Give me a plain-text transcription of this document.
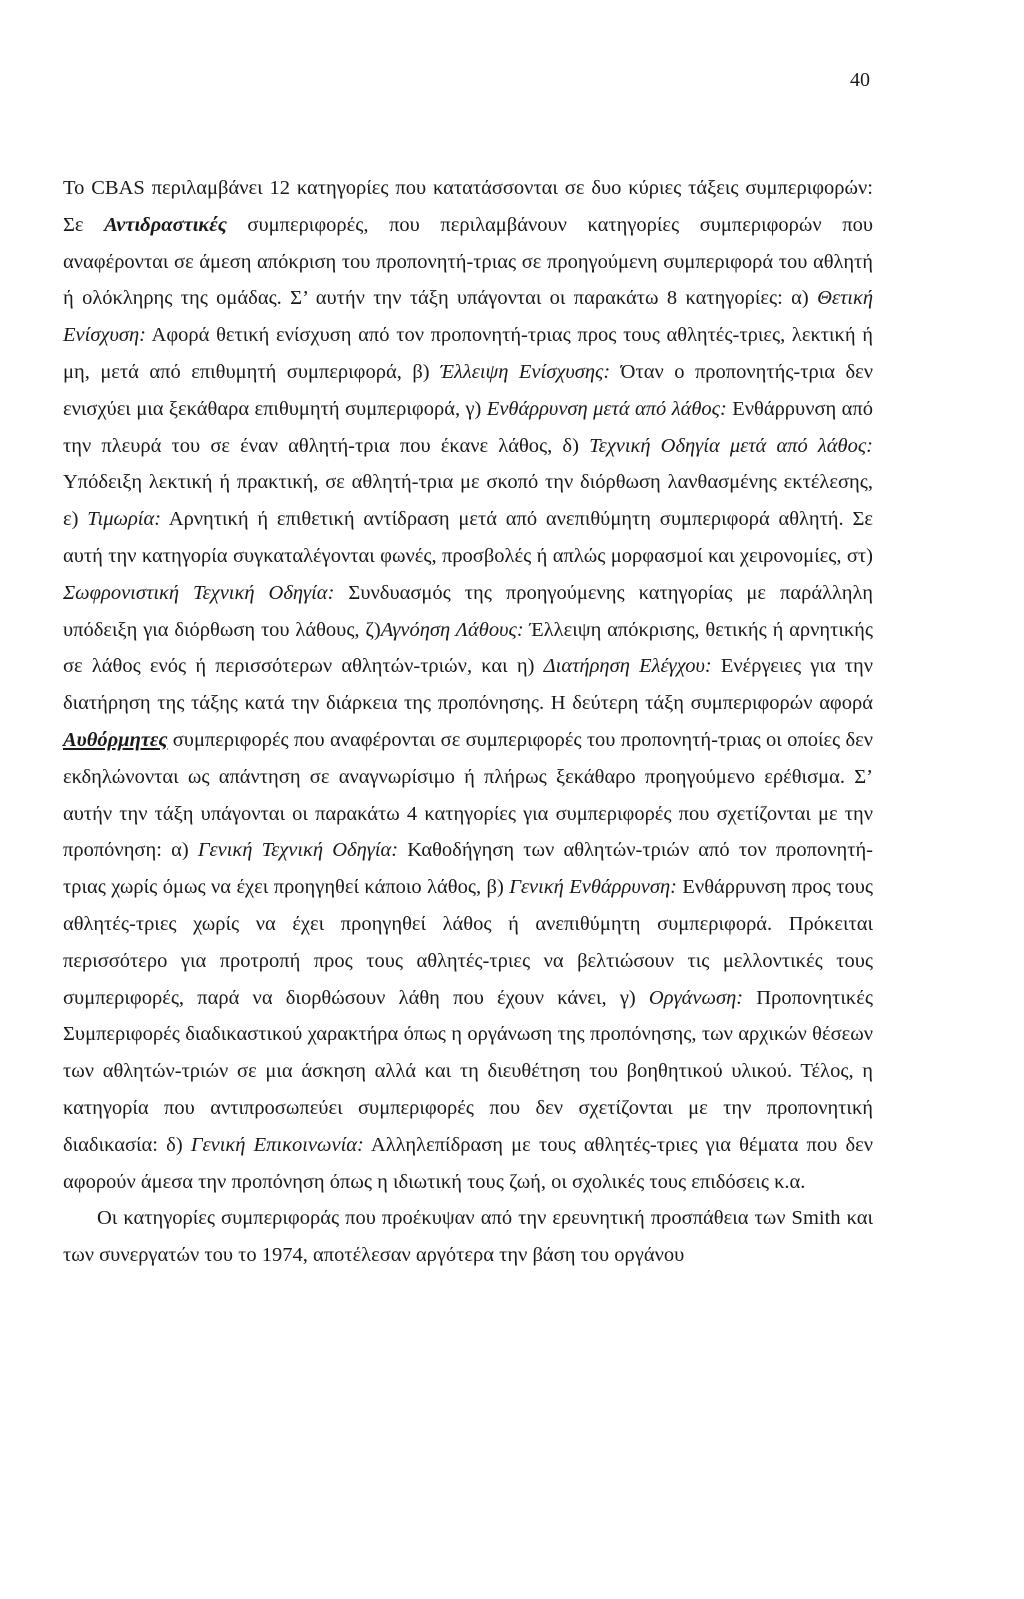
40

Το CBAS περιλαμβάνει 12 κατηγορίες που κατατάσσονται σε δυο κύριες τάξεις συμπεριφορών: Σε Αντιδραστικές συμπεριφορές, που περιλαμβάνουν κατηγορίες συμπεριφορών που αναφέρονται σε άμεση απόκριση του προπονητή-τριας σε προηγούμενη συμπεριφορά του αθλητή ή ολόκληρης της ομάδας. Σ’ αυτήν την τάξη υπάγονται οι παρακάτω 8 κατηγορίες: α) Θετική Ενίσχυση: Αφορά θετική ενίσχυση από τον προπονητή-τριας προς τους αθλητές-τριες, λεκτική ή μη, μετά από επιθυμητή συμπεριφορά, β) Έλλειψη Ενίσχυσης: Όταν ο προπονητής-τρια δεν ενισχύει μια ξεκάθαρα επιθυμητή συμπεριφορά, γ) Ενθάρρυνση μετά από λάθος: Ενθάρρυνση από την πλευρά του σε έναν αθλητή-τρια που έκανε λάθος, δ) Τεχνική Οδηγία μετά από λάθος: Υπόδειξη λεκτική ή πρακτική, σε αθλητή-τρια με σκοπό την διόρθωση λανθασμένης εκτέλεσης, ε) Τιμωρία: Αρνητική ή επιθετική αντίδραση μετά από ανεπιθύμητη συμπεριφορά αθλητή. Σε αυτή την κατηγορία συγκαταλέγονται φωνές, προσβολές ή απλώς μορφασμοί και χειρονομίες, στ) Σωφρονιστική Τεχνική Οδηγία: Συνδυασμός της προηγούμενης κατηγορίας με παράλληλη υπόδειξη για διόρθωση του λάθους, ζ)Αγνόηση Λάθους: Έλλειψη απόκρισης, θετικής ή αρνητικής σε λάθος ενός ή περισσότερων αθλητών-τριών, και η) Διατήρηση Ελέγχου: Ενέργειες για την διατήρηση της τάξης κατά την διάρκεια της προπόνησης. Η δεύτερη τάξη συμπεριφορών αφορά Αυθόρμητες συμπεριφορές που αναφέρονται σε συμπεριφορές του προπονητή-τριας οι οποίες δεν εκδηλώνονται ως απάντηση σε αναγνωρίσιμο ή πλήρως ξεκάθαρο προηγούμενο ερέθισμα. Σ’ αυτήν την τάξη υπάγονται οι παρακάτω 4 κατηγορίες για συμπεριφορές που σχετίζονται με την προπόνηση: α) Γενική Τεχνική Οδηγία: Καθοδήγηση των αθλητών-τριών από τον προπονητή-τριας χωρίς όμως να έχει προηγηθεί κάποιο λάθος, β) Γενική Ενθάρρυνση: Ενθάρρυνση προς τους αθλητές-τριες χωρίς να έχει προηγηθεί λάθος ή ανεπιθύμητη συμπεριφορά. Πρόκειται περισσότερο για προτροπή προς τους αθλητές-τριες να βελτιώσουν τις μελλοντικές τους συμπεριφορές, παρά να διορθώσουν λάθη που έχουν κάνει, γ) Οργάνωση: Προπονητικές Συμπεριφορές διαδικαστικού χαρακτήρα όπως η οργάνωση της προπόνησης, των αρχικών θέσεων των αθλητών-τριών σε μια άσκηση αλλά και τη διευθέτηση του βοηθητικού υλικού. Τέλος, η κατηγορία που αντιπροσωπεύει συμπεριφορές που δεν σχετίζονται με την προπονητική διαδικασία: δ) Γενική Επικοινωνία: Αλληλεπίδραση με τους αθλητές-τριες για θέματα που δεν αφορούν άμεσα την προπόνηση όπως η ιδιωτική τους ζωή, οι σχολικές τους επιδόσεις κ.α.

Οι κατηγορίες συμπεριφοράς που προέκυψαν από την ερευνητική προσπάθεια των Smith και των συνεργατών του το 1974, αποτέλεσαν αργότερα την βάση του οργάνου
